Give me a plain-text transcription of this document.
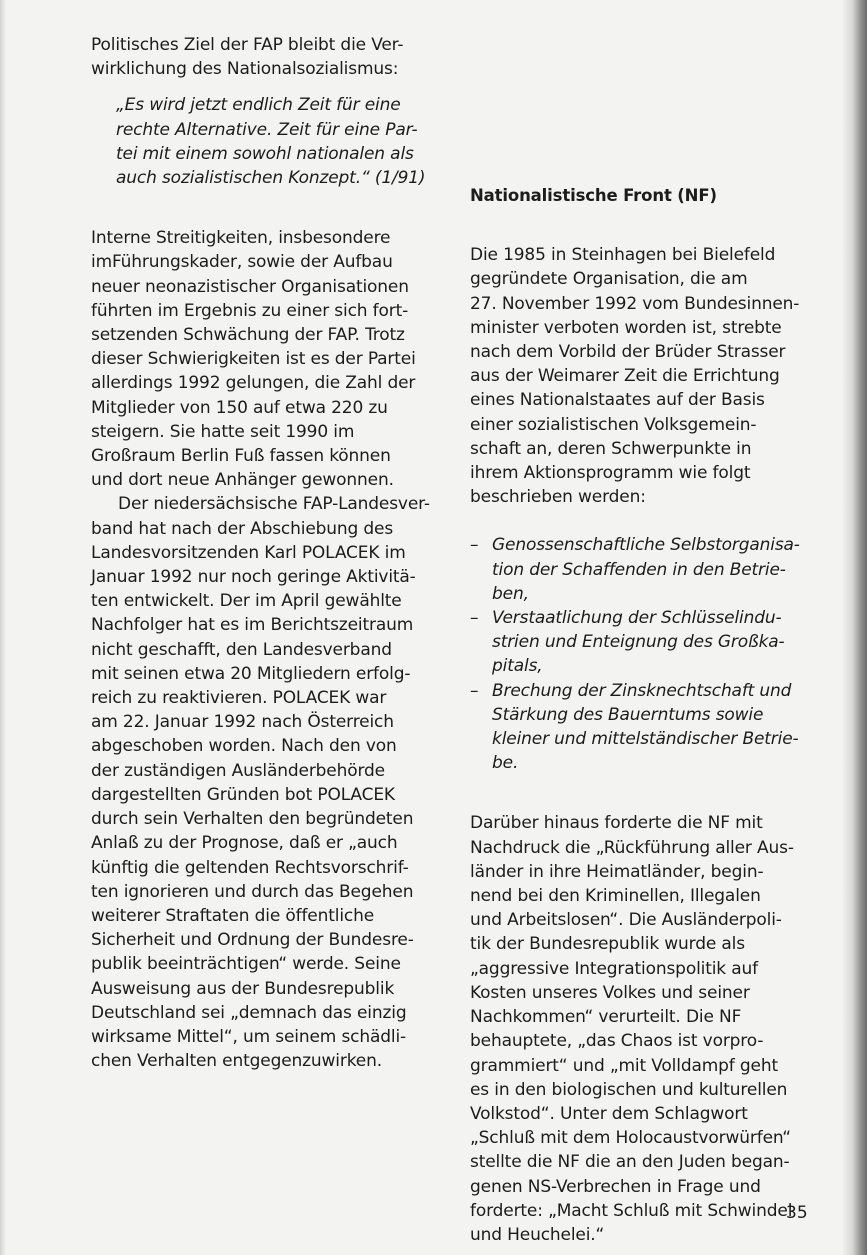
Politisches Ziel der FAP bleibt die Ver-
wirklichung des Nationalsozialismus:

„Es wird jetzt endlich Zeit für eine
rechte Alternative. Zeit für eine Par-
tei mit einem sowohl nationalen als
auch sozialistischen Konzept.“ (1/91)

Interne Streitigkeiten, insbesondere
imFührungskader, sowie der Aufbau
neuer neonazistischer Organisationen
führten im Ergebnis zu einer sich fort-
setzenden Schwächung der FAP. Trotz
dieser Schwierigkeiten ist es der Partei
allerdings 1992 gelungen, die Zahl der
Mitglieder von 150 auf etwa 220 zu
steigern. Sie hatte seit 1990 im
Großraum Berlin Fuß fassen können
und dort neue Anhänger gewonnen.

Der niedersächsische FAP-Landesver-
band hat nach der Abschiebung des
Landesvorsitzenden Karl POLACEK im
Januar 1992 nur noch geringe Aktivitä-
ten entwickelt. Der im April gewählte
Nachfolger hat es im Berichtszeitraum
nicht geschafft, den Landesverband
mit seinen etwa 20 Mitgliedern erfolg-
reich zu reaktivieren. POLACEK war
am 22. Januar 1992 nach Österreich
abgeschoben worden. Nach den von
der zuständigen Ausländerbehörde
dargestellten Gründen bot POLACEK
durch sein Verhalten den begründeten
Anlaß zu der Prognose, daß er „auch
künftig die geltenden Rechtsvorschrif-
ten ignorieren und durch das Begehen
weiterer Straftaten die öffentliche
Sicherheit und Ordnung der Bundesre-
publik beeinträchtigen“ werde. Seine
Ausweisung aus der Bundesrepublik
Deutschland sei „demnach das einzig
wirksame Mittel“, um seinem schädli-
chen Verhalten entgegenzuwirken.

Nationalistische Front (NF)

Die 1985 in Steinhagen bei Bielefeld
gegründete Organisation, die am
27. November 1992 vom Bundesinnen-
minister verboten worden ist, strebte
nach dem Vorbild der Brüder Strasser
aus der Weimarer Zeit die Errichtung
eines Nationalstaates auf der Basis
einer sozialistischen Volksgemein-
schaft an, deren Schwerpunkte in
ihrem Aktionsprogramm wie folgt
beschrieben werden:

– Genossenschaftliche Selbstorganisa-
tion der Schaffenden in den Betrie-
ben,
– Verstaatlichung der Schlüsselindu-
strien und Enteignung des Großka-
pitals,
– Brechung der Zinsknechtschaft und
Stärkung des Bauerntums sowie
kleiner und mittelständischer Betrie-
be.

Darüber hinaus forderte die NF mit
Nachdruck die „Rückführung aller Aus-
länder in ihre Heimatländer, begin-
nend bei den Kriminellen, Illegalen
und Arbeitslosen“. Die Ausländerpoli-
tik der Bundesrepublik wurde als
„aggressive Integrationspolitik auf
Kosten unseres Volkes und seiner
Nachkommen“ verurteilt. Die NF
behauptete, „das Chaos ist vorpro-
grammiert“ und „mit Volldampf geht
es in den biologischen und kulturellen
Volkstod“. Unter dem Schlagwort
„Schluß mit dem Holocaustvorwürfen“
stellte die NF die an den Juden began-
genen NS-Verbrechen in Frage und
forderte: „Macht Schluß mit Schwindel
und Heuchelei.“

35
